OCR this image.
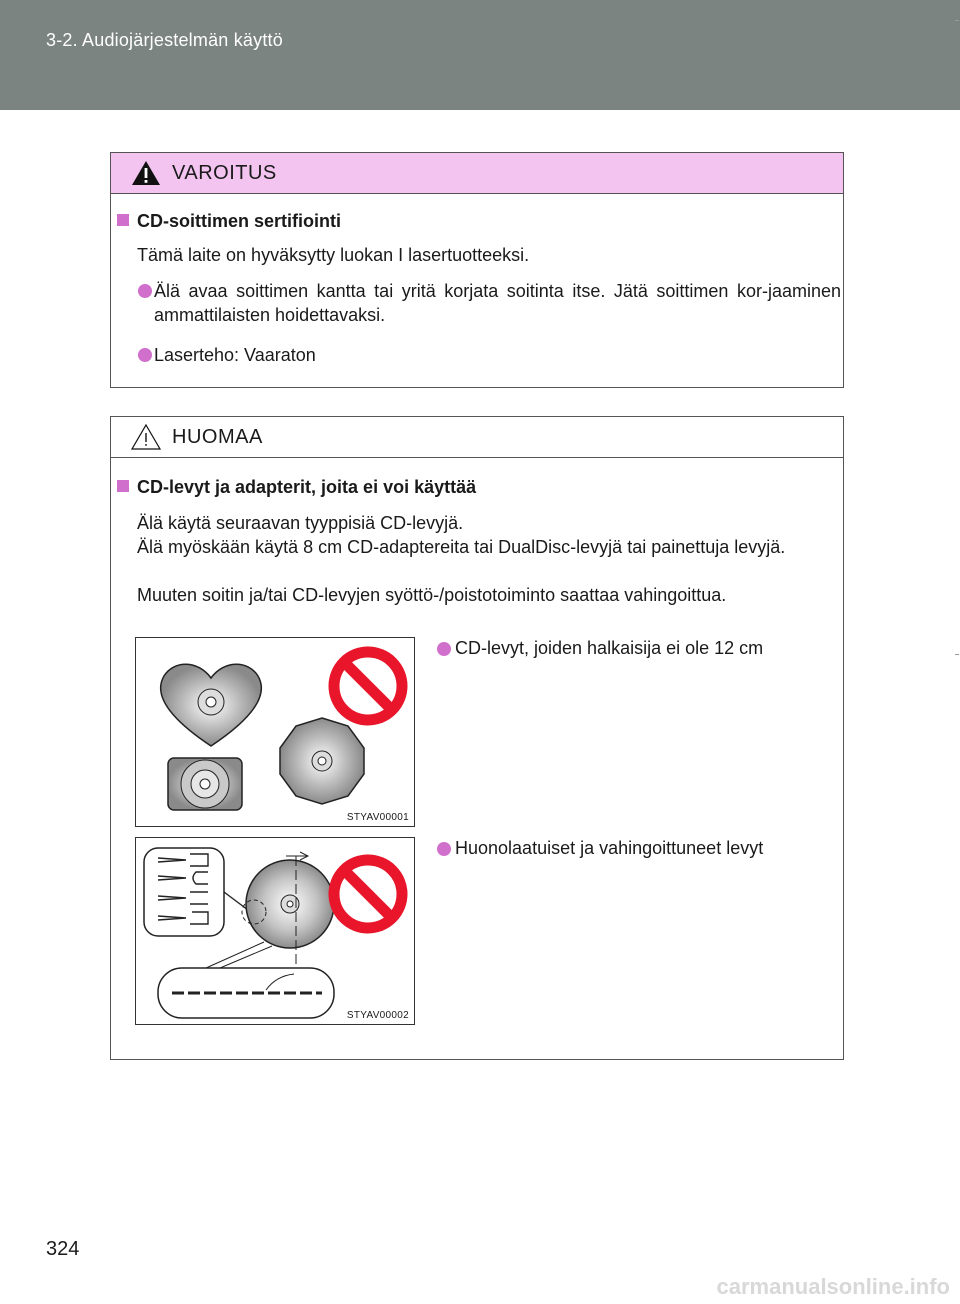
3-2. Audiojärjestelmän käyttö
VAROITUS
CD-soittimen sertifiointi
Tämä laite on hyväksytty luokan I lasertuotteeksi.
Älä avaa soittimen kantta tai yritä korjata soitinta itse. Jätä soittimen kor-jaaminen ammattilaisten hoidettavaksi.
Laserteho: Vaaraton
HUOMAA
CD-levyt ja adapterit, joita ei voi käyttää
Älä käytä seuraavan tyyppisiä CD-levyjä.
Älä myöskään käytä 8 cm CD-adaptereita tai DualDisc-levyjä tai painettuja levyjä.
Muuten soitin ja/tai CD-levyjen syöttö-/poistotoiminto saattaa vahingoittua.
STYAV00001
CD-levyt, joiden halkaisija ei ole 12 cm
STYAV00002
Huonolaatuiset ja vahingoittuneet levyt
324
carmanualsonline.info
